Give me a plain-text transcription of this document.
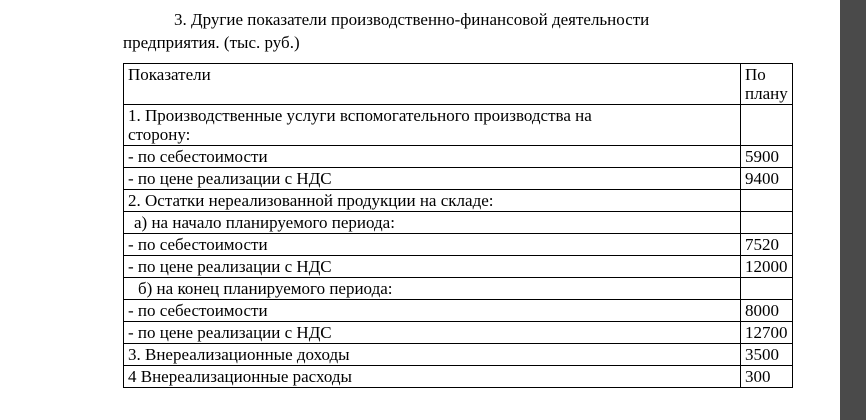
3. Другие показатели производственно-финансовой деятельности
предприятия. (тыс. руб.)
Показатели	По
плану
1. Производственные услуги вспомогательного производства на
сторону:	
- по себестоимости	5900
- по цене реализации с НДС	9400
2. Остатки нереализованной продукции на складе:	
а) на начало планируемого периода:	
- по себестоимости	7520
- по цене реализации с НДС	12000
б) на конец планируемого периода:	
- по себестоимости	8000
- по цене реализации с НДС	12700
3. Внереализационные доходы	3500
4 Внереализационные расходы	300
